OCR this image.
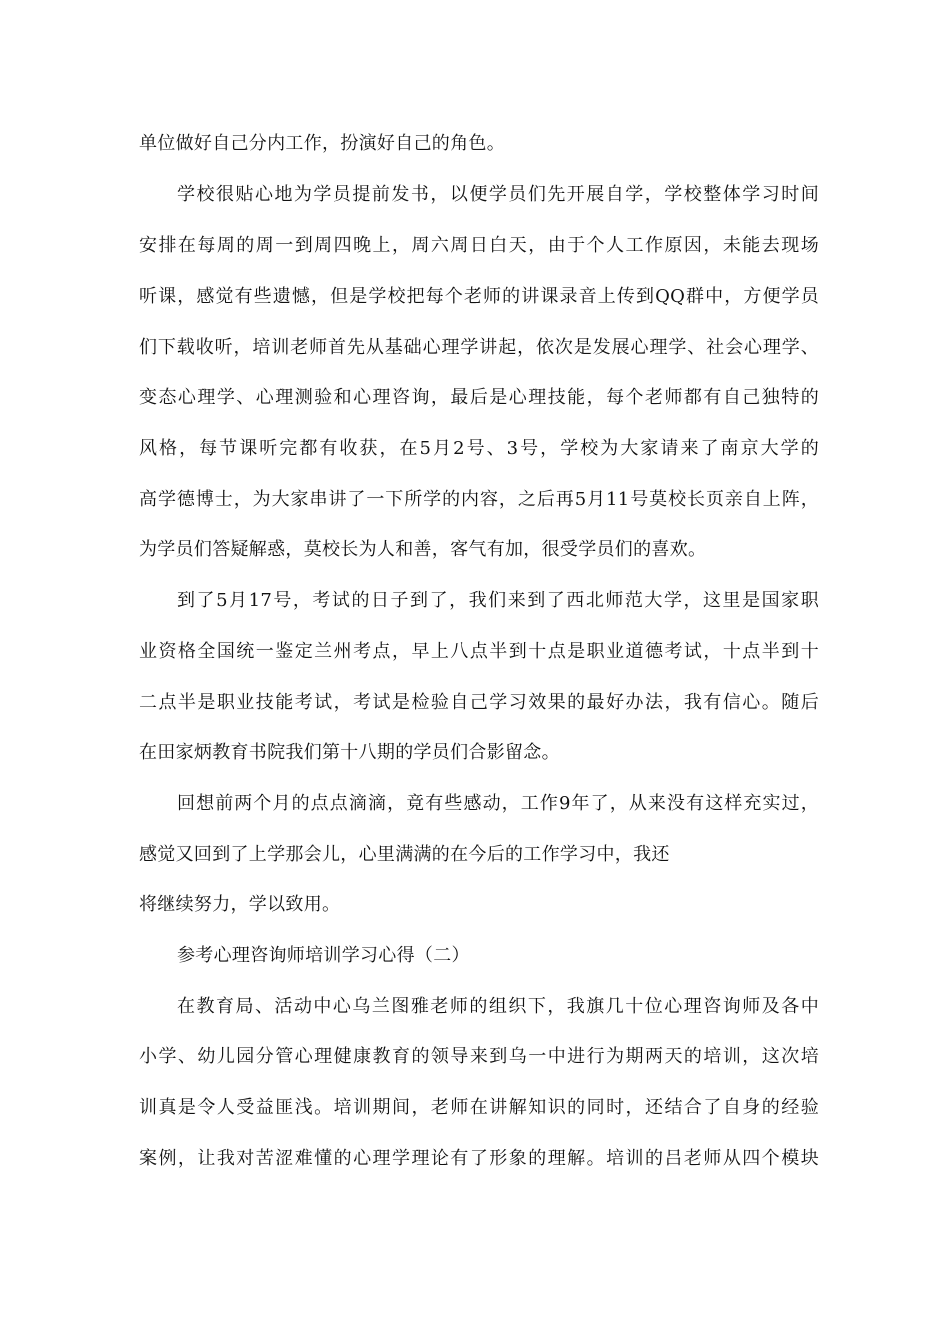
单位做好自己分内工作，扮演好自己的角色。
学校很贴心地为学员提前发书，以便学员们先开展自学，学校整体学习时间
安排在每周的周一到周四晚上，周六周日白天，由于个人工作原因，未能去现场
听课，感觉有些遗憾，但是学校把每个老师的讲课录音上传到QQ群中，方便学员
们下载收听，培训老师首先从基础心理学讲起，依次是发展心理学、社会心理学、
变态心理学、心理测验和心理咨询，最后是心理技能，每个老师都有自己独特的
风格，每节课听完都有收获，在5月2号、3号，学校为大家请来了南京大学的
高学德博士，为大家串讲了一下所学的内容，之后再5月11号莫校长页亲自上阵，
为学员们答疑解惑，莫校长为人和善，客气有加，很受学员们的喜欢。
到了5月17号，考试的日子到了，我们来到了西北师范大学，这里是国家职
业资格全国统一鉴定兰州考点，早上八点半到十点是职业道德考试，十点半到十
二点半是职业技能考试，考试是检验自己学习效果的最好办法，我有信心。随后
在田家炳教育书院我们第十八期的学员们合影留念。
回想前两个月的点点滴滴，竟有些感动，工作9年了，从来没有这样充实过，
感觉又回到了上学那会儿，心里满满的在今后的工作学习中，我还
将继续努力，学以致用。
参考心理咨询师培训学习心得（二）
在教育局、活动中心乌兰图雅老师的组织下，我旗几十位心理咨询师及各中
小学、幼儿园分管心理健康教育的领导来到乌一中进行为期两天的培训，这次培
训真是令人受益匪浅。培训期间，老师在讲解知识的同时，还结合了自身的经验
案例，让我对苦涩难懂的心理学理论有了形象的理解。培训的吕老师从四个模块
